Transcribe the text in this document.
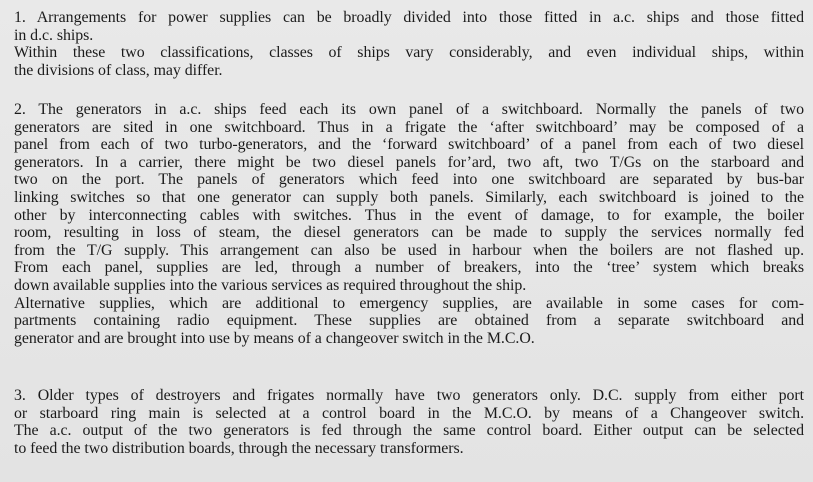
1. Arrangements for power supplies can be broadly divided into those fitted in a.c. ships and those fitted
in d.c. ships.
Within these two classifications, classes of ships vary considerably, and even individual ships, within
the divisions of class, may differ.
2. The generators in a.c. ships feed each its own panel of a switchboard. Normally the panels of two
generators are sited in one switchboard. Thus in a frigate the ‘after switchboard’ may be composed of a
panel from each of two turbo-generators, and the ‘forward switchboard’ of a panel from each of two diesel
generators. In a carrier, there might be two diesel panels for’ard, two aft, two T/Gs on the starboard and
two on the port. The panels of generators which feed into one switchboard are separated by bus-bar
linking switches so that one generator can supply both panels. Similarly, each switchboard is joined to the
other by interconnecting cables with switches. Thus in the event of damage, to for example, the boiler
room, resulting in loss of steam, the diesel generators can be made to supply the services normally fed
from the T/G supply. This arrangement can also be used in harbour when the boilers are not flashed up.
From each panel, supplies are led, through a number of breakers, into the ‘tree’ system which breaks
down available supplies into the various services as required throughout the ship.
Alternative supplies, which are additional to emergency supplies, are available in some cases for com-
partments containing radio equipment. These supplies are obtained from a separate switchboard and
generator and are brought into use by means of a changeover switch in the M.C.O.
3. Older types of destroyers and frigates normally have two generators only. D.C. supply from either port
or starboard ring main is selected at a control board in the M.C.O. by means of a Changeover switch.
The a.c. output of the two generators is fed through the same control board. Either output can be selected
to feed the two distribution boards, through the necessary transformers.
